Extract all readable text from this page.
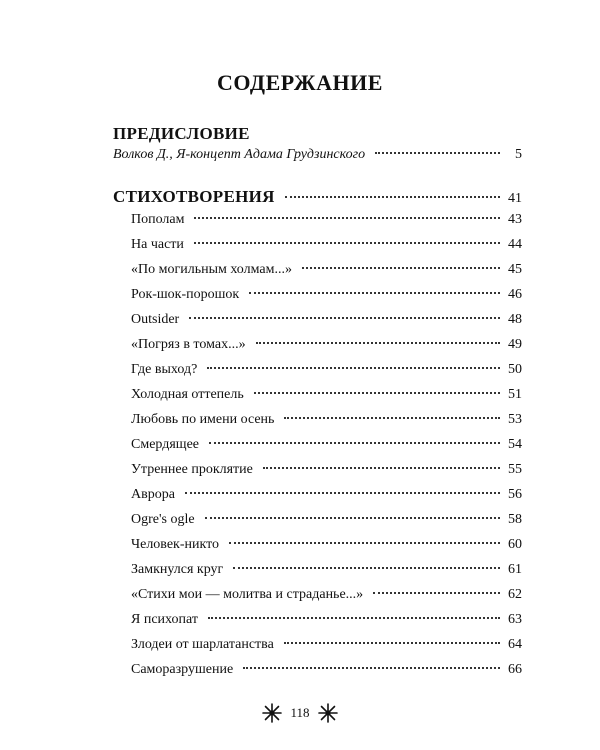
СОДЕРЖАНИЕ
ПРЕДИСЛОВИЕ
Волков Д., Я-концепт Адама Грудзинского	5
СТИХОТВОРЕНИЯ	41
Пополам	43
На части	44
«По могильным холмам...»	45
Рок-шок-порошок	46
Outsider	48
«Погряз в томах...»	49
Где выход?	50
Холодная оттепель	51
Любовь по имени осень	53
Смердящее	54
Утреннее проклятие	55
Аврора	56
Ogre's ogle	58
Человек-никто	60
Замкнулся круг	61
«Стихи мои — молитва и страданье...»	62
Я психопат	63
Злодеи от шарлатанства	64
Саморазрушение	66
118
